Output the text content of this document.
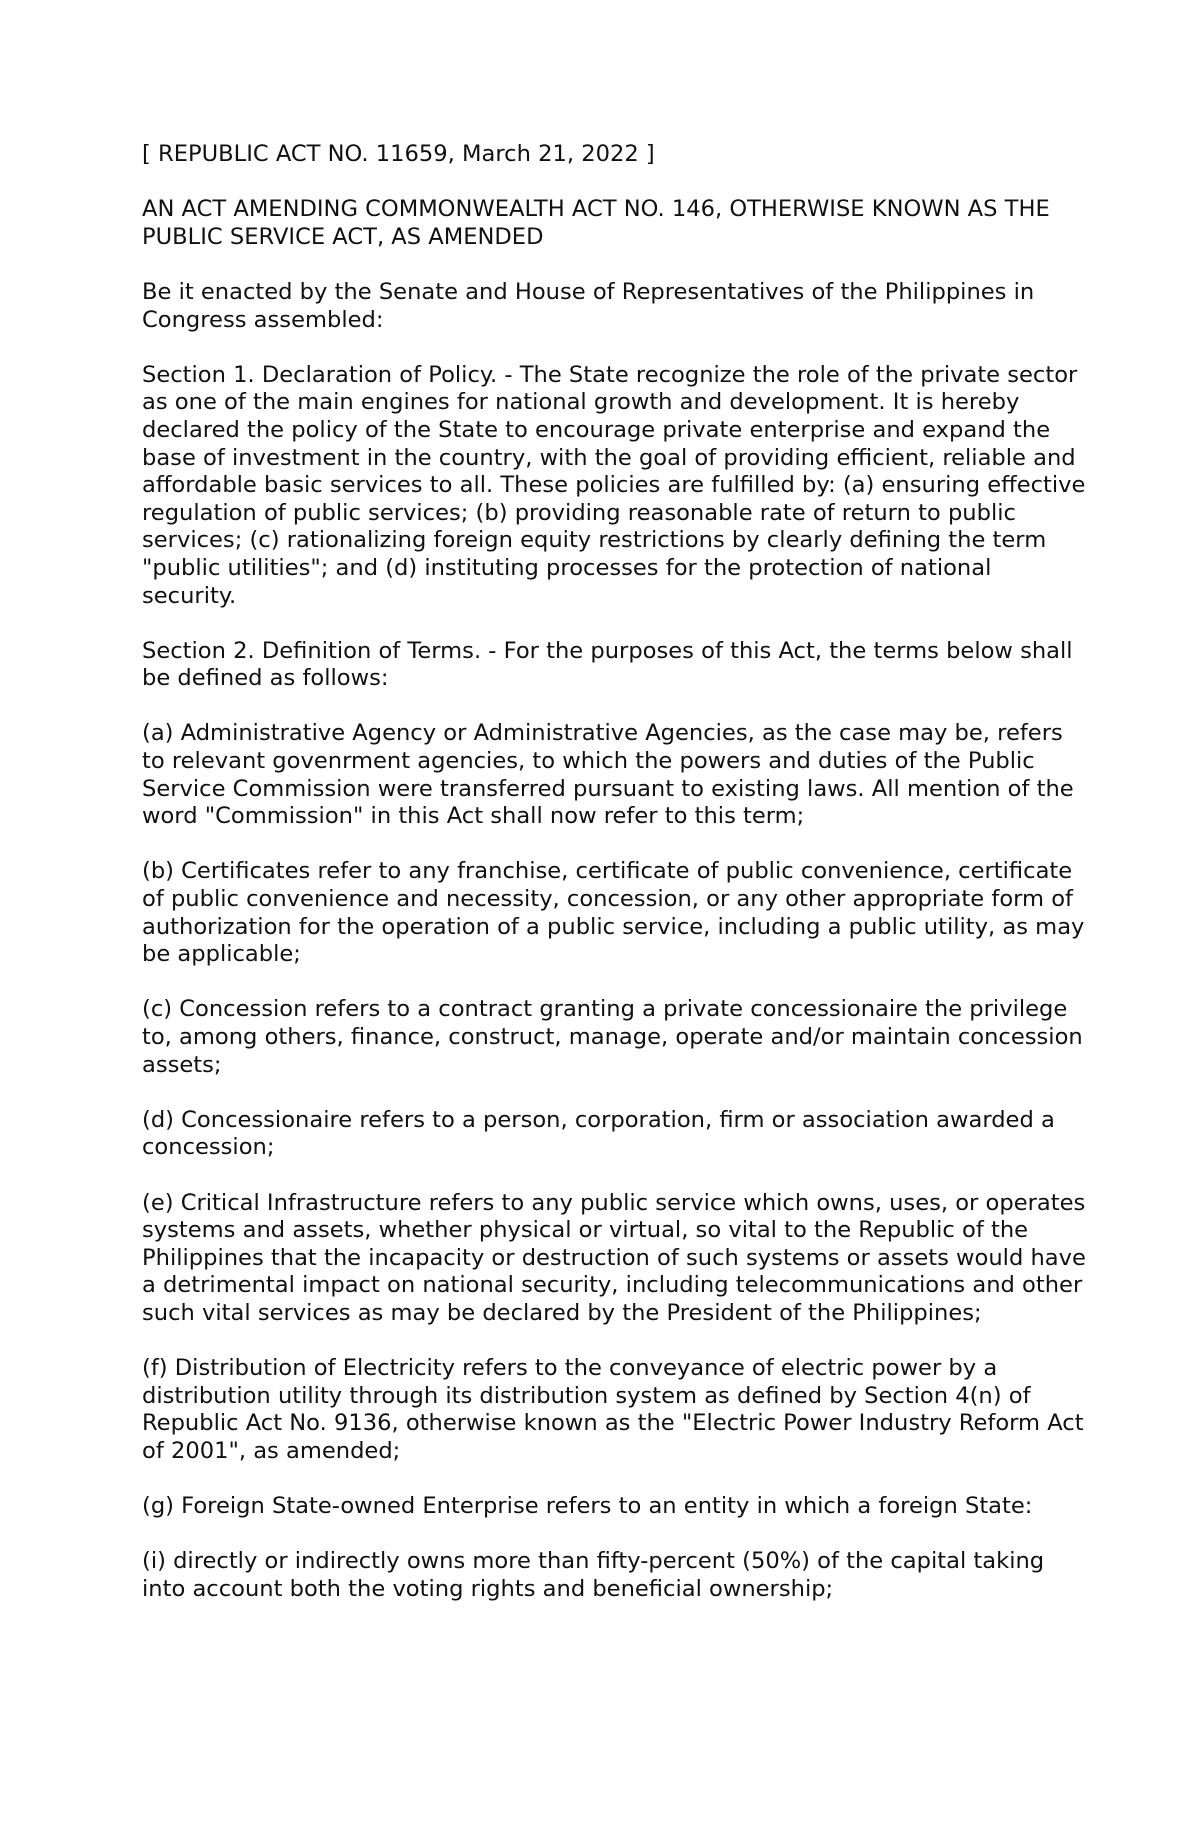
[ REPUBLIC ACT NO. 11659, March 21, 2022 ]

AN ACT AMENDING COMMONWEALTH ACT NO. 146, OTHERWISE KNOWN AS THE PUBLIC SERVICE ACT, AS AMENDED

Be it enacted by the Senate and House of Representatives of the Philippines in Congress assembled:

Section 1. Declaration of Policy. - The State recognize the role of the private sector as one of the main engines for national growth and development. It is hereby declared the policy of the State to encourage private enterprise and expand the base of investment in the country, with the goal of providing efficient, reliable and affordable basic services to all. These policies are fulfilled by: (a) ensuring effective regulation of public services; (b) providing reasonable rate of return to public services; (c) rationalizing foreign equity restrictions by clearly defining the term "public utilities"; and (d) instituting processes for the protection of national security.

Section 2. Definition of Terms. - For the purposes of this Act, the terms below shall be defined as follows:

(a) Administrative Agency or Administrative Agencies, as the case may be, refers to relevant govenrment agencies, to which the powers and duties of the Public Service Commission were transferred pursuant to existing laws. All mention of the word "Commission" in this Act shall now refer to this term;

(b) Certificates refer to any franchise, certificate of public convenience, certificate of public convenience and necessity, concession, or any other appropriate form of authorization for the operation of a public service, including a public utility, as may be applicable;

(c) Concession refers to a contract granting a private concessionaire the privilege to, among others, finance, construct, manage, operate and/or maintain concession assets;

(d) Concessionaire refers to a person, corporation, firm or association awarded a concession;

(e) Critical Infrastructure refers to any public service which owns, uses, or operates systems and assets, whether physical or virtual, so vital to the Republic of the Philippines that the incapacity or destruction of such systems or assets would have a detrimental impact on national security, including telecommunications and other such vital services as may be declared by the President of the Philippines;

(f) Distribution of Electricity refers to the conveyance of electric power by a distribution utility through its distribution system as defined by Section 4(n) of Republic Act No. 9136, otherwise known as the "Electric Power Industry Reform Act of 2001", as amended;

(g) Foreign State-owned Enterprise refers to an entity in which a foreign State:

(i) directly or indirectly owns more than fifty-percent (50%) of the capital taking into account both the voting rights and beneficial ownership;
